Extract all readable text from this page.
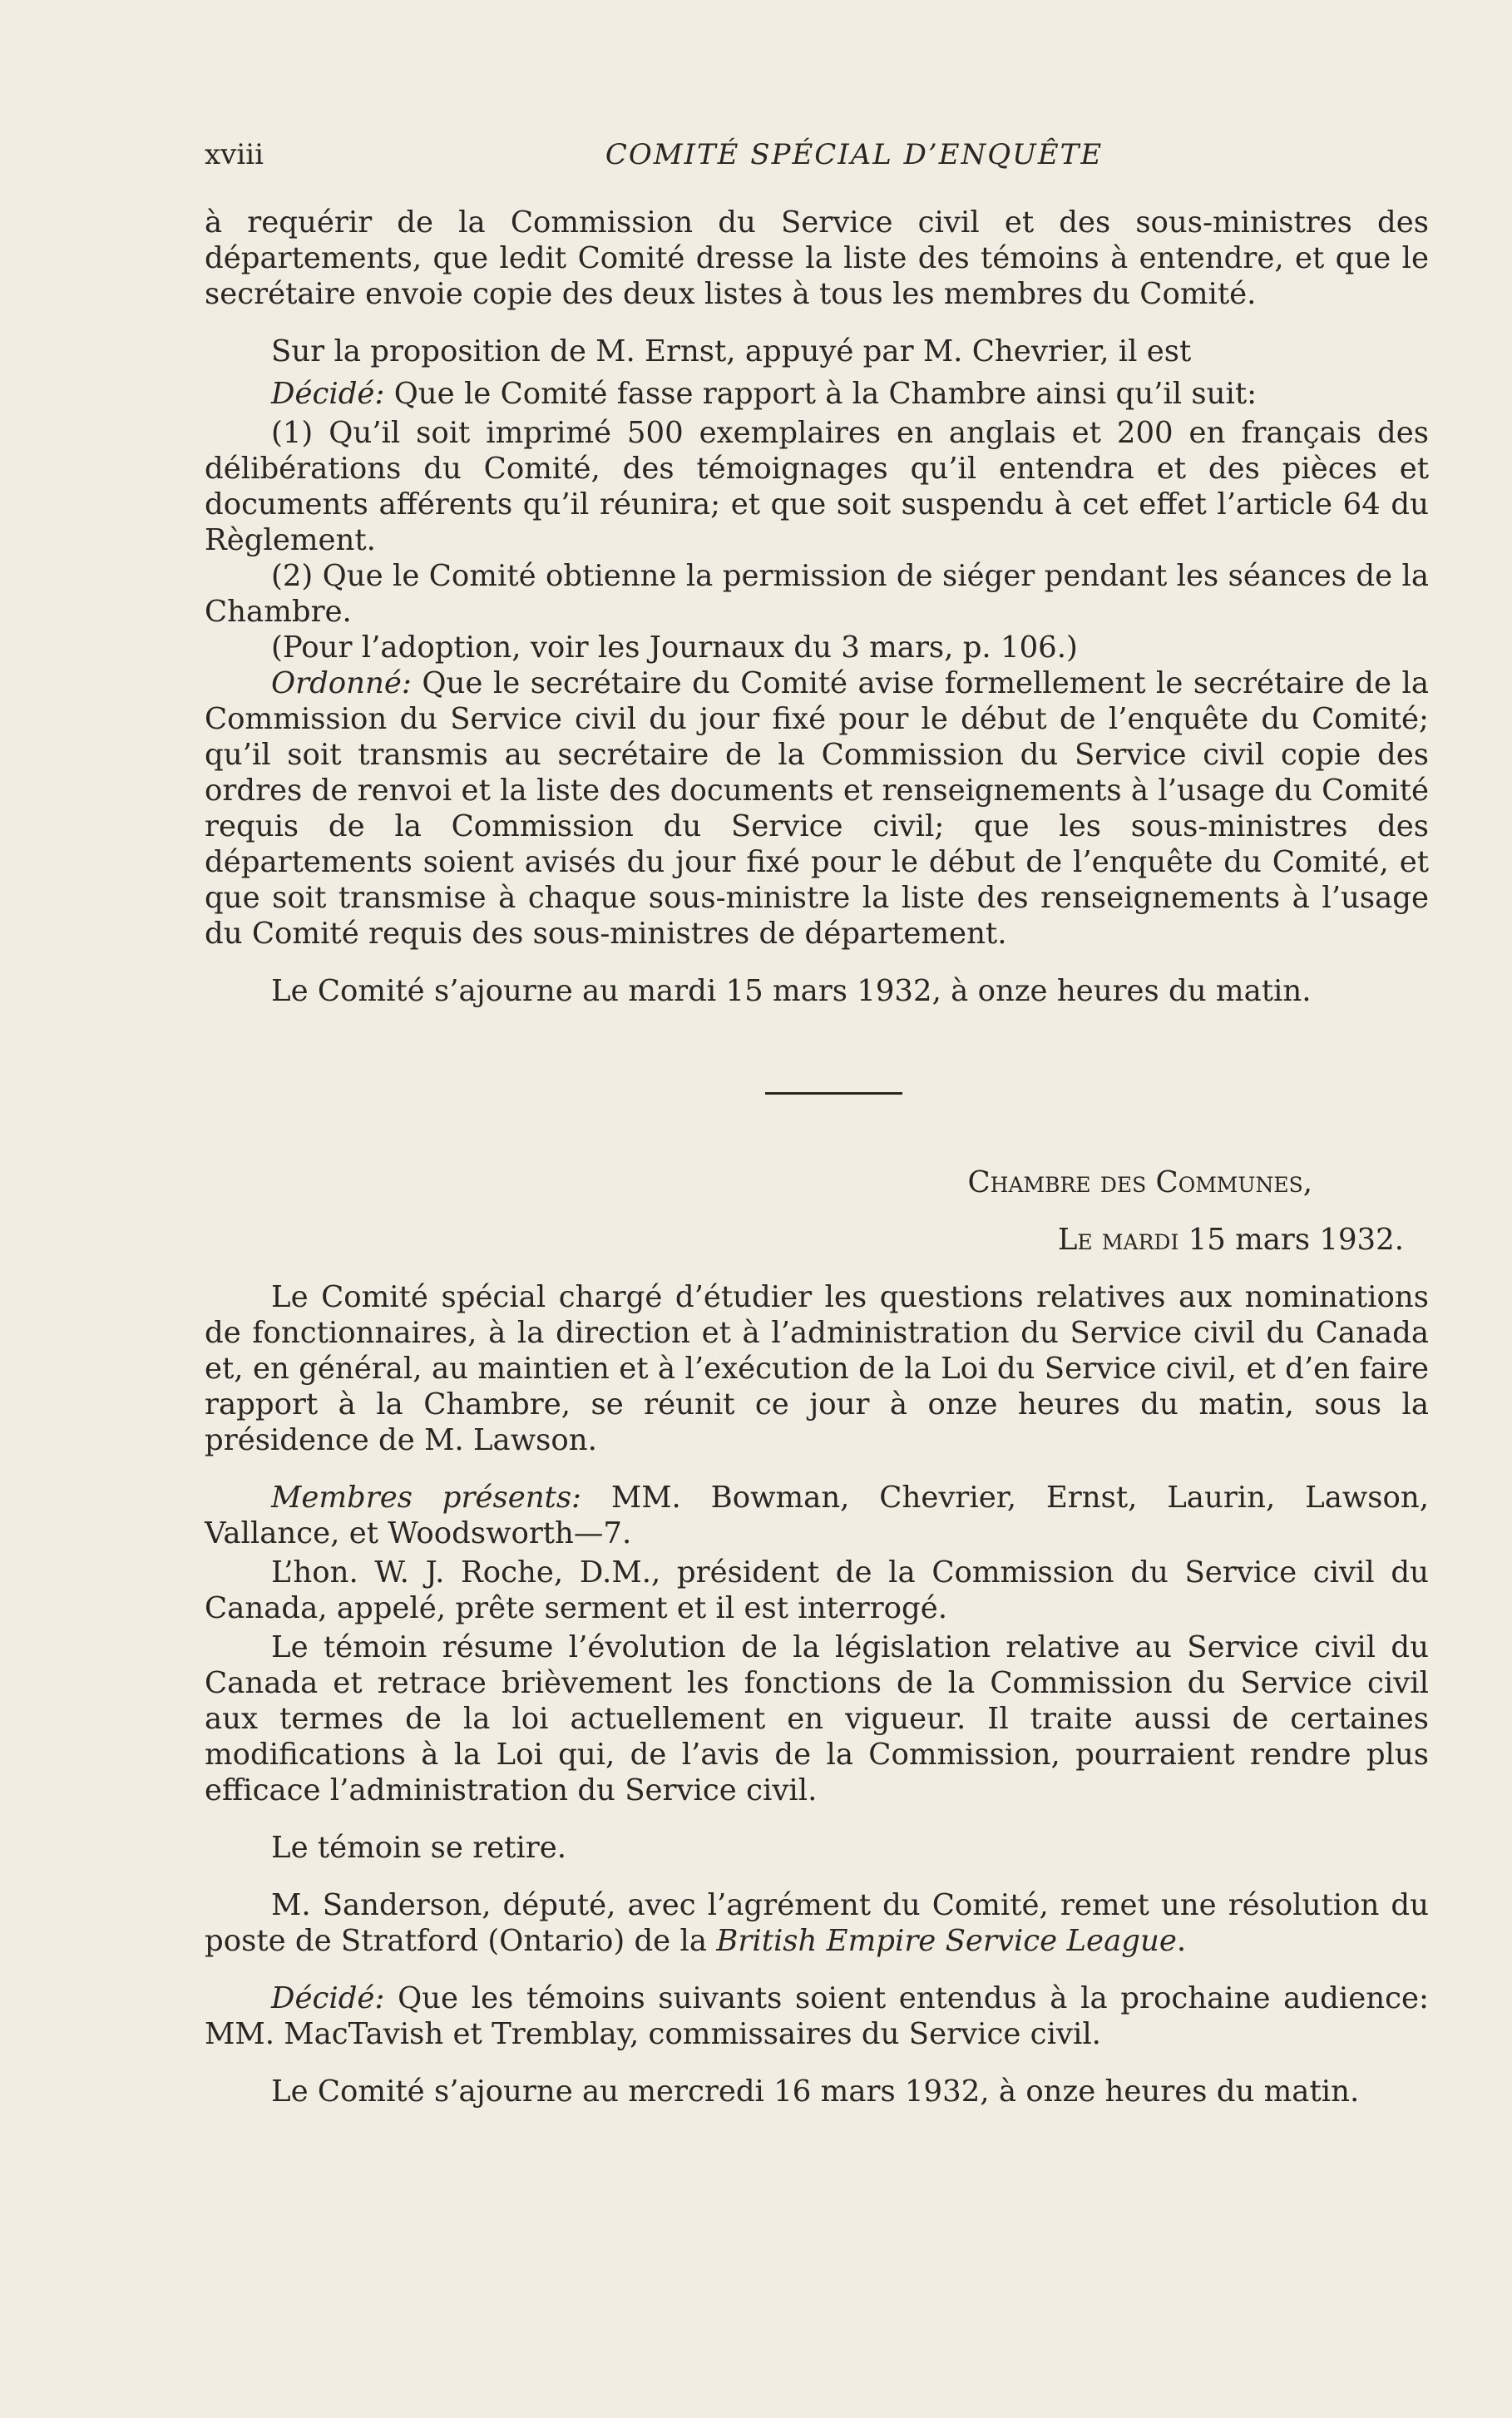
xviii	COMITÉ SPÉCIAL D’ENQUÊTE

à requérir de la Commission du Service civil et des sous-ministres des départements, que ledit Comité dresse la liste des témoins à entendre, et que le secrétaire envoie copie des deux listes à tous les membres du Comité.

Sur la proposition de M. Ernst, appuyé par M. Chevrier, il est

Décidé: Que le Comité fasse rapport à la Chambre ainsi qu’il suit:

(1) Qu’il soit imprimé 500 exemplaires en anglais et 200 en français des délibérations du Comité, des témoignages qu’il entendra et des pièces et documents afférents qu’il réunira; et que soit suspendu à cet effet l’article 64 du Règlement.

(2) Que le Comité obtienne la permission de siéger pendant les séances de la Chambre.

(Pour l’adoption, voir les Journaux du 3 mars, p. 106.)

Ordonné: Que le secrétaire du Comité avise formellement le secrétaire de la Commission du Service civil du jour fixé pour le début de l’enquête du Comité; qu’il soit transmis au secrétaire de la Commission du Service civil copie des ordres de renvoi et la liste des documents et renseignements à l’usage du Comité requis de la Commission du Service civil; que les sous-ministres des départements soient avisés du jour fixé pour le début de l’enquête du Comité, et que soit transmise à chaque sous-ministre la liste des renseignements à l’usage du Comité requis des sous-ministres de département.

Le Comité s’ajourne au mardi 15 mars 1932, à onze heures du matin.

Chambre des Communes,

Le mardi 15 mars 1932.

Le Comité spécial chargé d’étudier les questions relatives aux nominations de fonctionnaires, à la direction et à l’administration du Service civil du Canada et, en général, au maintien et à l’exécution de la Loi du Service civil, et d’en faire rapport à la Chambre, se réunit ce jour à onze heures du matin, sous la présidence de M. Lawson.

Membres présents: MM. Bowman, Chevrier, Ernst, Laurin, Lawson, Vallance, et Woodsworth—7.

L’hon. W. J. Roche, D.M., président de la Commission du Service civil du Canada, appelé, prête serment et il est interrogé.

Le témoin résume l’évolution de la législation relative au Service civil du Canada et retrace brièvement les fonctions de la Commission du Service civil aux termes de la loi actuellement en vigueur. Il traite aussi de certaines modifications à la Loi qui, de l’avis de la Commission, pourraient rendre plus efficace l’administration du Service civil.

Le témoin se retire.

M. Sanderson, député, avec l’agrément du Comité, remet une résolution du poste de Stratford (Ontario) de la British Empire Service League.

Décidé: Que les témoins suivants soient entendus à la prochaine audience: MM. MacTavish et Tremblay, commissaires du Service civil.

Le Comité s’ajourne au mercredi 16 mars 1932, à onze heures du matin.
